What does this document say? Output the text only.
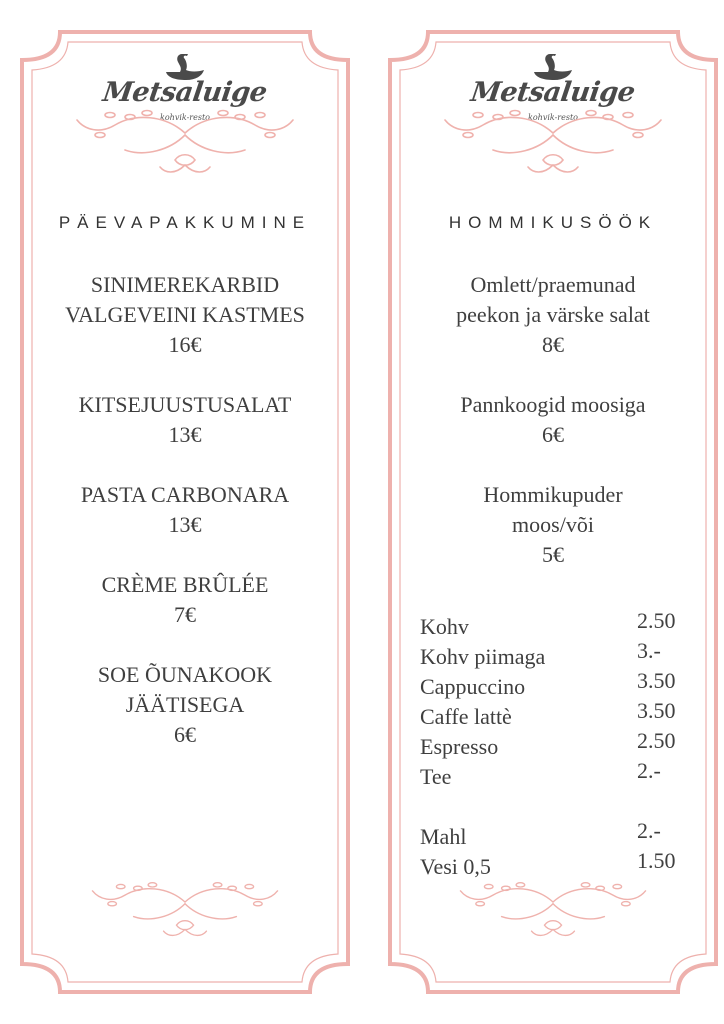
Metsaluige
kohvik-resto
PÄEVAPAKKUMINE
SINIMEREKARBID
VALGEVEINI KASTMES
16€
KITSEJUUSTUSALAT
13€
PASTA CARBONARA
13€
CRÈME BRÛLÉE
7€
SOE ÕUNAKOOK
JÄÄTISEGA
6€
Metsaluige
kohvik-resto
HOMMIKUSÖÖK
Omlett/praemunad
peekon ja värske salat
8€
Pannkoogid moosiga
6€
Hommikupuder
moos/või
5€
Kohv	2.50
Kohv piimaga	3.-
Cappuccino	3.50
Caffe lattè	3.50
Espresso	2.50
Tee	2.-
Mahl	2.-
Vesi 0,5	1.50
